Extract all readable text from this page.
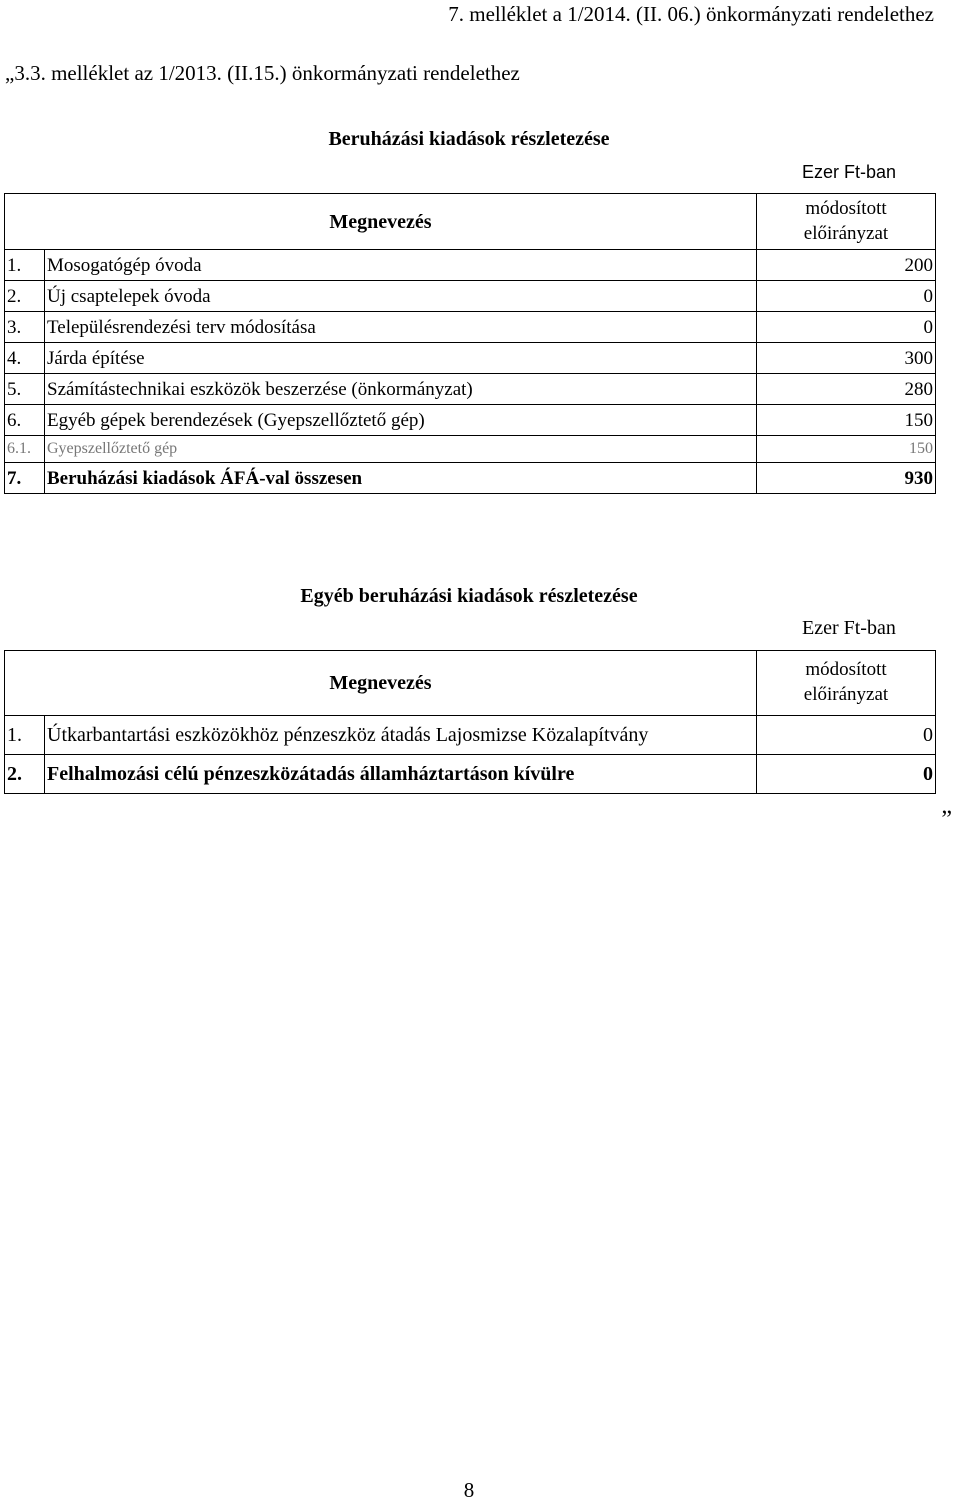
7. melléklet a 1/2014. (II. 06.) önkormányzati rendelethez
„3.3. melléklet az 1/2013. (II.15.) önkormányzati rendelethez
Beruházási kiadások részletezése
Ezer Ft-ban
Megnevezés		módosított
előirányzat
1.	Mosogatógép óvoda	200
2.	Új csaptelepek óvoda	0
3.	Településrendezési terv módosítása	0
4.	Járda építése	300
5.	Számítástechnikai eszközök beszerzése (önkormányzat)	280
6.	Egyéb gépek berendezések (Gyepszellőztető gép)	150
6.1.	Gyepszellőztető gép	150
7.	Beruházási kiadások ÁFÁ-val összesen	930
Egyéb beruházási kiadások részletezése
Ezer Ft-ban
Megnevezés		módosított
előirányzat
1.	Útkarbantartási eszközökhöz pénzeszköz átadás Lajosmizse Közalapítvány	0
2.	Felhalmozási célú pénzeszközátadás államháztartáson kívülre	0
„
8
